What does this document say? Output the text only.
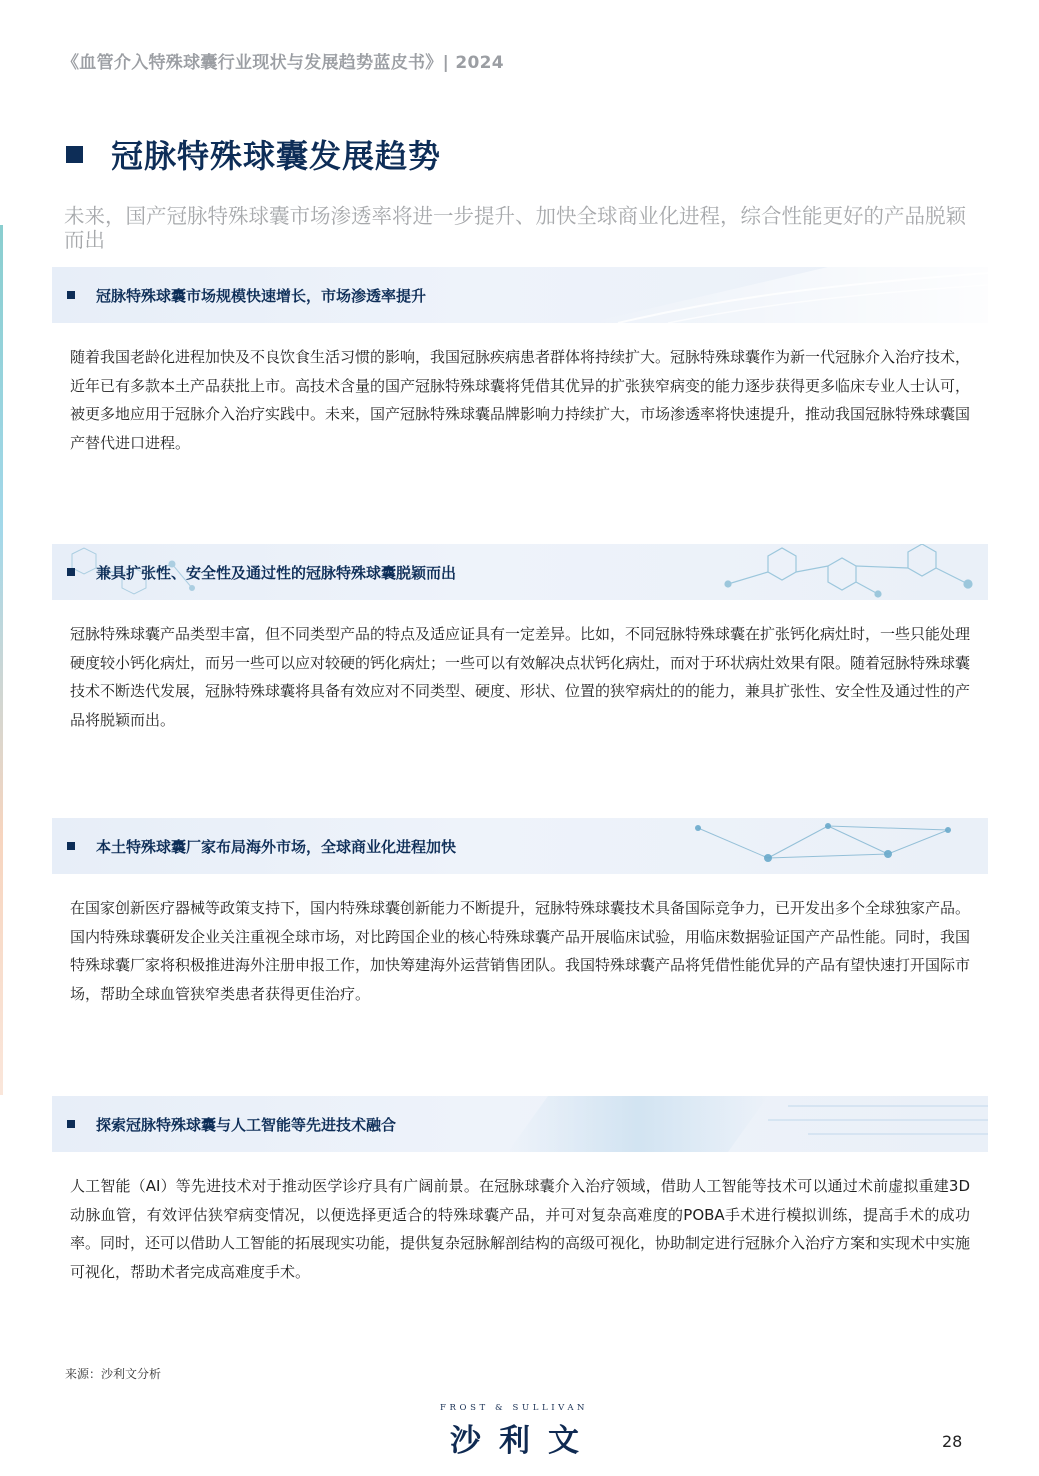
《血管介入特殊球囊行业现状与发展趋势蓝皮书》| 2024
冠脉特殊球囊发展趋势
未来，国产冠脉特殊球囊市场渗透率将进一步提升、加快全球商业化进程，综合性能更好的产品脱颖而出
冠脉特殊球囊市场规模快速增长，市场渗透率提升
随着我国老龄化进程加快及不良饮食生活习惯的影响，我国冠脉疾病患者群体将持续扩大。冠脉特殊球囊作为新一代冠脉介入治疗技术，近年已有多款本土产品获批上市。高技术含量的国产冠脉特殊球囊将凭借其优异的扩张狭窄病变的能力逐步获得更多临床专业人士认可，被更多地应用于冠脉介入治疗实践中。未来，国产冠脉特殊球囊品牌影响力持续扩大，市场渗透率将快速提升，推动我国冠脉特殊球囊国产替代进口进程。
兼具扩张性、安全性及通过性的冠脉特殊球囊脱颖而出
冠脉特殊球囊产品类型丰富，但不同类型产品的特点及适应证具有一定差异。比如，不同冠脉特殊球囊在扩张钙化病灶时，一些只能处理硬度较小钙化病灶，而另一些可以应对较硬的钙化病灶；一些可以有效解决点状钙化病灶，而对于环状病灶效果有限。随着冠脉特殊球囊技术不断迭代发展，冠脉特殊球囊将具备有效应对不同类型、硬度、形状、位置的狭窄病灶的的能力，兼具扩张性、安全性及通过性的产品将脱颖而出。
本土特殊球囊厂家布局海外市场，全球商业化进程加快
在国家创新医疗器械等政策支持下，国内特殊球囊创新能力不断提升，冠脉特殊球囊技术具备国际竞争力，已开发出多个全球独家产品。国内特殊球囊研发企业关注重视全球市场，对比跨国企业的核心特殊球囊产品开展临床试验，用临床数据验证国产产品性能。同时，我国特殊球囊厂家将积极推进海外注册申报工作，加快筹建海外运营销售团队。我国特殊球囊产品将凭借性能优异的产品有望快速打开国际市场，帮助全球血管狭窄类患者获得更佳治疗。
探索冠脉特殊球囊与人工智能等先进技术融合
人工智能（AI）等先进技术对于推动医学诊疗具有广阔前景。在冠脉球囊介入治疗领域，借助人工智能等技术可以通过术前虚拟重建3D动脉血管，有效评估狭窄病变情况，以便选择更适合的特殊球囊产品，并可对复杂高难度的POBA手术进行模拟训练，提高手术的成功率。同时，还可以借助人工智能的拓展现实功能，提供复杂冠脉解剖结构的高级可视化，协助制定进行冠脉介入治疗方案和实现术中实施可视化，帮助术者完成高难度手术。
来源：沙利文分析
FROST & SULLIVAN
沙利文	28
